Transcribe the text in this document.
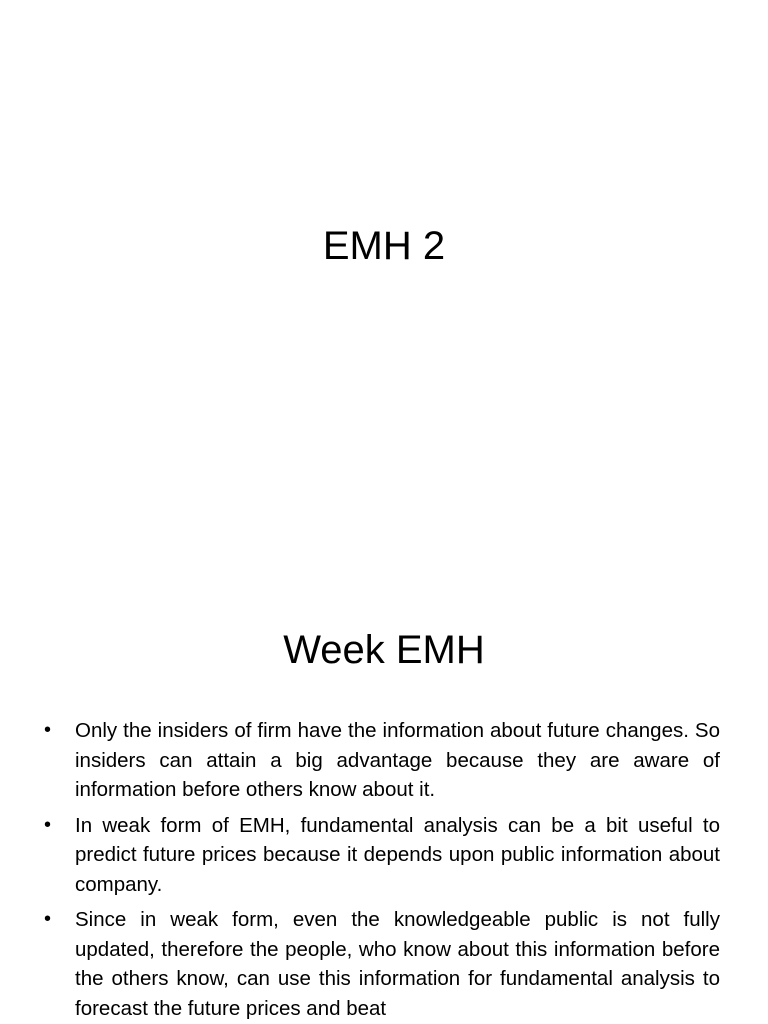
EMH 2
Week EMH
• Only the insiders of firm have the information about future changes. So insiders can attain a big advantage because they are aware of information before others know about it.
• In weak form of EMH, fundamental analysis can be a bit useful to predict future prices because it depends upon public information about company.
• Since in weak form, even the knowledgeable public is not fully updated, therefore the people, who know about this information before the others know, can use this information for fundamental analysis to forecast the future prices and beat
